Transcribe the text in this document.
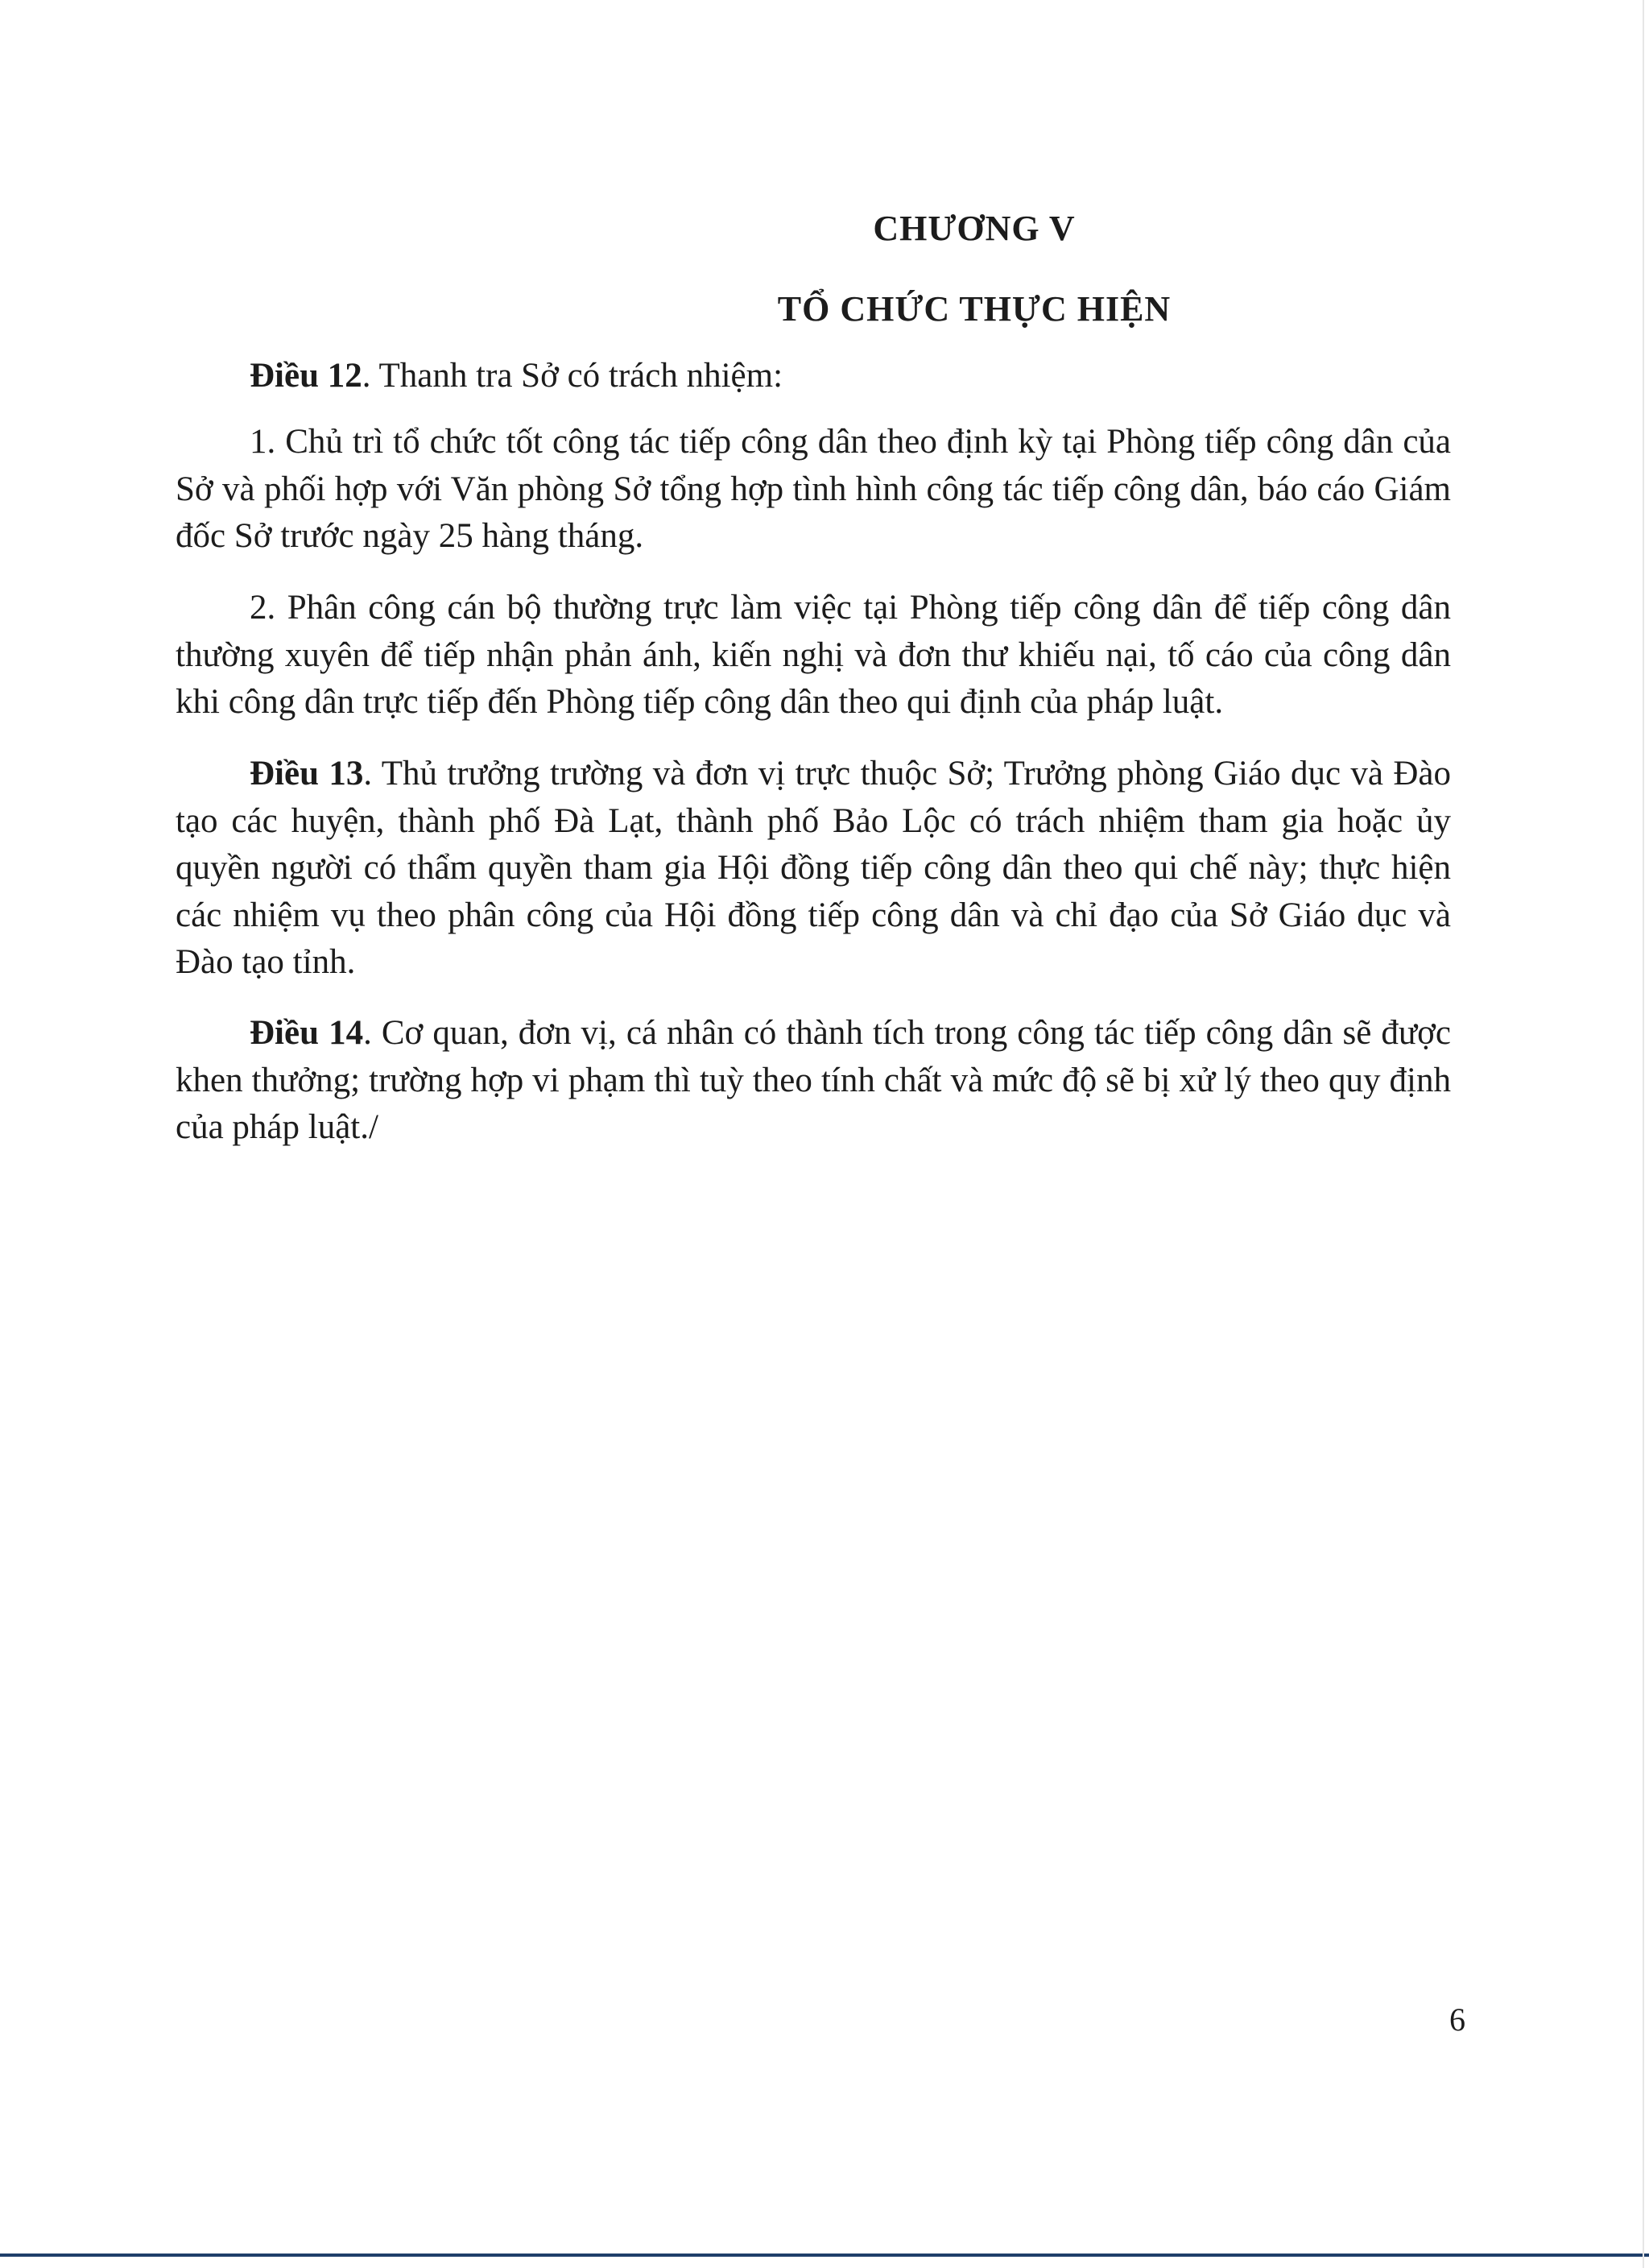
CHƯƠNG V
TỔ CHỨC THỰC HIỆN

Điều 12. Thanh tra Sở có trách nhiệm:

1. Chủ trì tổ chức tốt công tác tiếp công dân theo định kỳ tại Phòng tiếp công dân của Sở và phối hợp với Văn phòng Sở tổng hợp tình hình công tác tiếp công dân, báo cáo Giám đốc Sở trước ngày 25 hàng tháng.

2. Phân công cán bộ thường trực làm việc tại Phòng tiếp công dân để tiếp công dân thường xuyên để tiếp nhận phản ánh, kiến nghị và đơn thư khiếu nại, tố cáo của công dân khi công dân trực tiếp đến Phòng tiếp công dân theo qui định của pháp luật.

Điều 13. Thủ trưởng trường và đơn vị trực thuộc Sở; Trưởng phòng Giáo dục và Đào tạo các huyện, thành phố Đà Lạt, thành phố Bảo Lộc có trách nhiệm tham gia hoặc ủy quyền người có thẩm quyền tham gia Hội đồng tiếp công dân theo qui chế này; thực hiện các nhiệm vụ theo phân công của Hội đồng tiếp công dân và chỉ đạo của Sở Giáo dục và Đào tạo tỉnh.

Điều 14. Cơ quan, đơn vị, cá nhân có thành tích trong công tác tiếp công dân sẽ được khen thưởng; trường hợp vi phạm thì tuỳ theo tính chất và mức độ sẽ bị xử lý theo quy định của pháp luật./

6
